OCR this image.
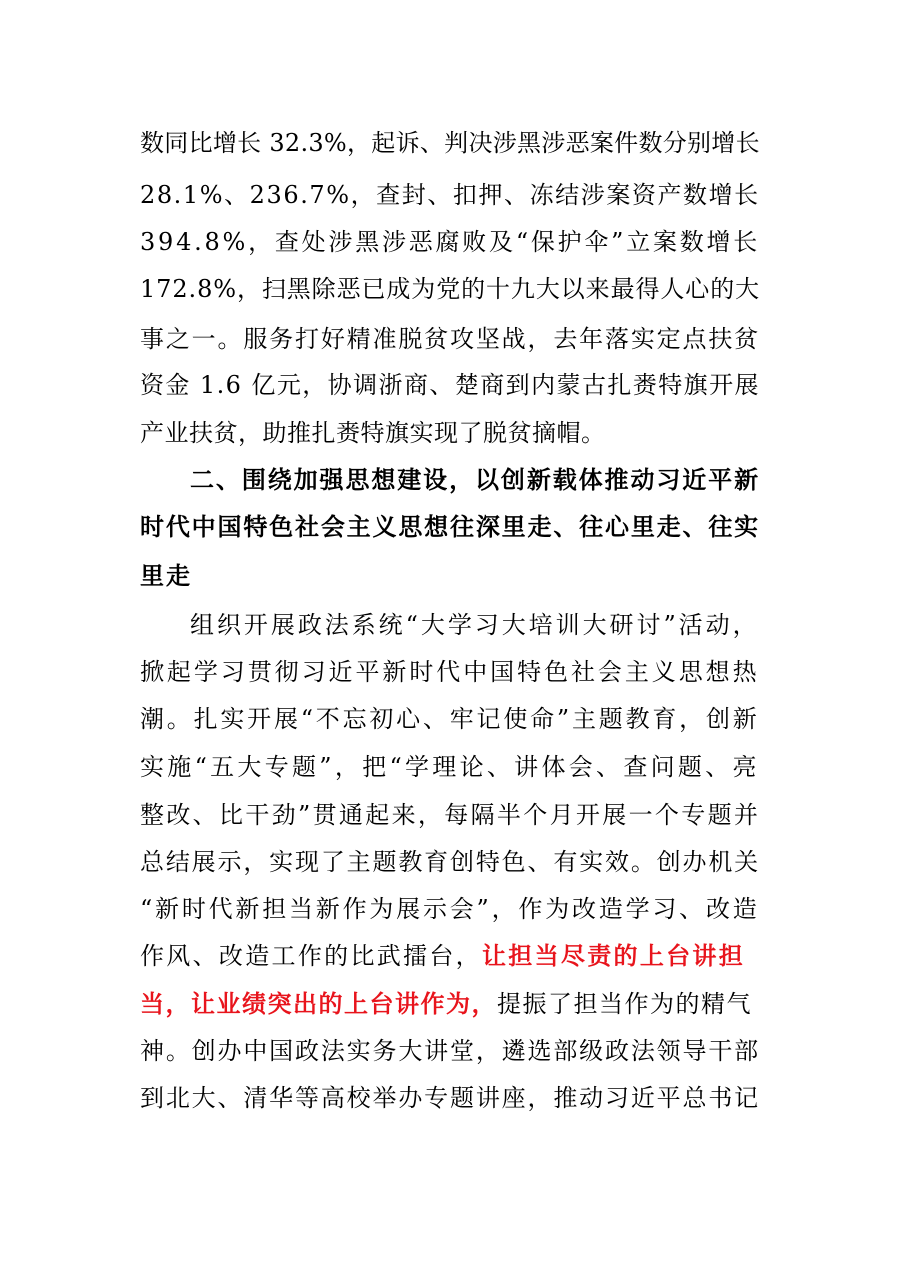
数同比增长 32.3%，起诉、判决涉黑涉恶案件数分别增长
28.1%、236.7%，查封、扣押、冻结涉案资产数增长
394.8%，查处涉黑涉恶腐败及“保护伞”立案数增长
172.8%，扫黑除恶已成为党的十九大以来最得人心的大
事之一。服务打好精准脱贫攻坚战，去年落实定点扶贫
资金 1.6 亿元，协调浙商、楚商到内蒙古扎赉特旗开展
产业扶贫，助推扎赉特旗实现了脱贫摘帽。
二、围绕加强思想建设，以创新载体推动习近平新
时代中国特色社会主义思想往深里走、往心里走、往实
里走
组织开展政法系统“大学习大培训大研讨”活动，
掀起学习贯彻习近平新时代中国特色社会主义思想热
潮。扎实开展“不忘初心、牢记使命”主题教育，创新
实施“五大专题”，把“学理论、讲体会、查问题、亮
整改、比干劲”贯通起来，每隔半个月开展一个专题并
总结展示，实现了主题教育创特色、有实效。创办机关
“新时代新担当新作为展示会”，作为改造学习、改造
作风、改造工作的比武擂台，让担当尽责的上台讲担
当，让业绩突出的上台讲作为，提振了担当作为的精气
神。创办中国政法实务大讲堂，遴选部级政法领导干部
到北大、清华等高校举办专题讲座，推动习近平总书记
